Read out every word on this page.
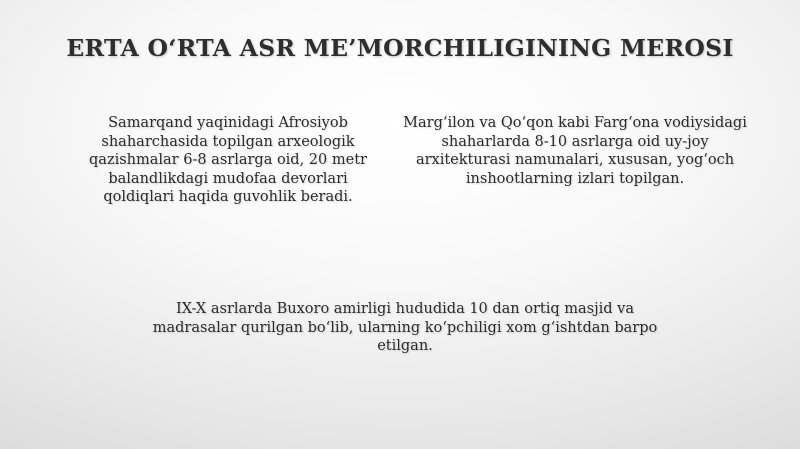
ERTA O‘RTA ASR ME’MORCHILIGINING MEROSI

Samarqand yaqinidagi Afrosiyob shaharchasida topilgan arxeologik qazishmalar 6-8 asrlarga oid, 20 metr balandlikdagi mudofaa devorlari qoldiqlari haqida guvohlik beradi.

Marg‘ilon va Qo‘qon kabi Farg‘ona vodiysidagi shaharlarda 8-10 asrlarga oid uy-joy arxitekturasi namunalari, xususan, yog‘och inshootlarning izlari topilgan.

IX-X asrlarda Buxoro amirligi hududida 10 dan ortiq masjid va madrasalar qurilgan bo‘lib, ularning ko‘pchiligi xom g‘ishtdan barpo etilgan.
